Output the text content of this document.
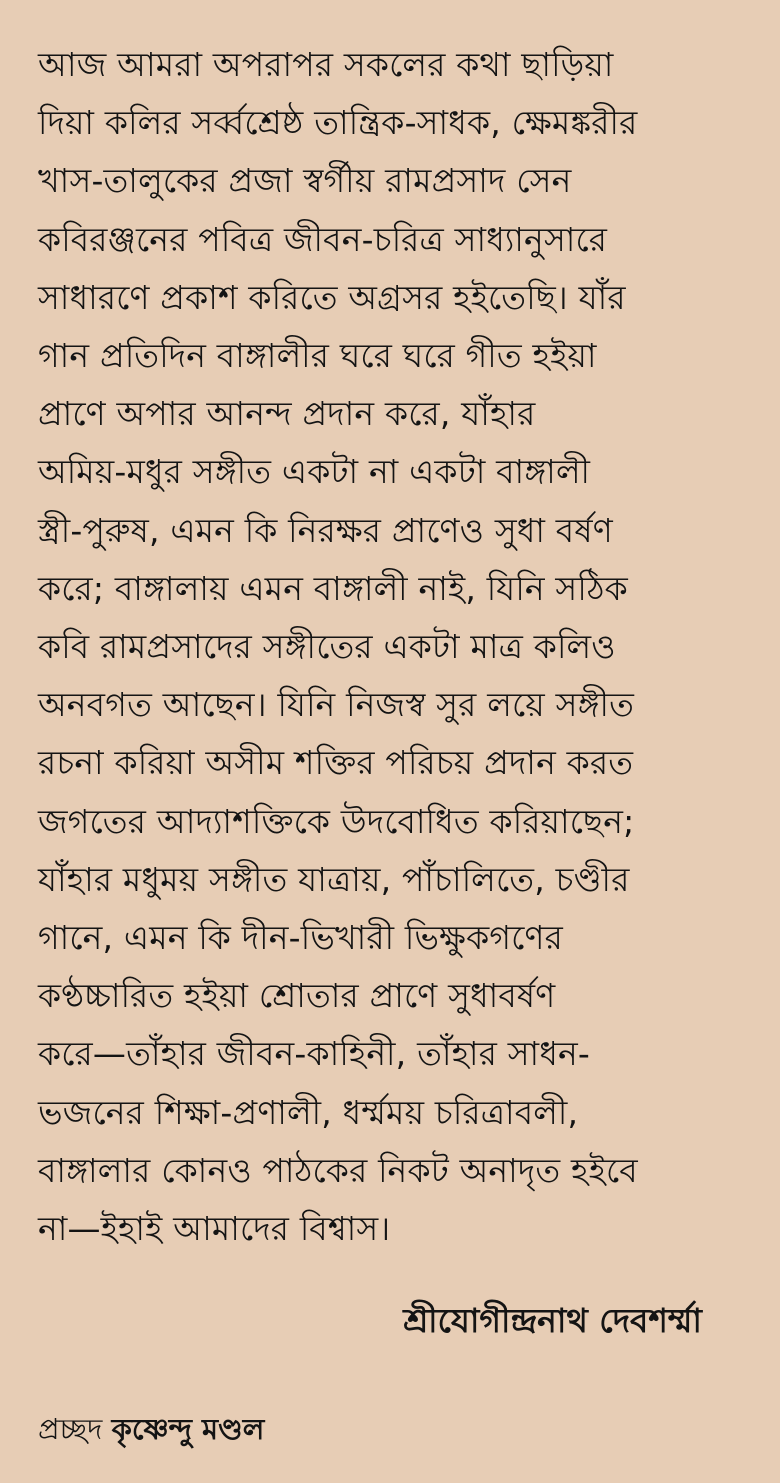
আজ আমরা অপরাপর সকলের কথা ছাড়িয়া
দিয়া কলির সর্ব্বশ্রেষ্ঠ তান্ত্রিক-সাধক, ক্ষেমঙ্করীর
খাস-তালুকের প্রজা স্বর্গীয় রামপ্রসাদ সেন
কবিরঞ্জনের পবিত্র জীবন-চরিত্র সাধ্যানুসারে
সাধারণে প্রকাশ করিতে অগ্রসর হইতেছি। যাঁর
গান প্রতিদিন বাঙ্গালীর ঘরে ঘরে গীত হইয়া
প্রাণে অপার আনন্দ প্রদান করে, যাঁহার
অমিয়-মধুর সঙ্গীত একটা না একটা বাঙ্গালী
স্ত্রী-পুরুষ, এমন কি নিরক্ষর প্রাণেও সুধা বর্ষণ
করে; বাঙ্গালায় এমন বাঙ্গালী নাই, যিনি সঠিক
কবি রামপ্রসাদের সঙ্গীতের একটা মাত্র কলিও
অনবগত আছেন। যিনি নিজস্ব সুর লয়ে সঙ্গীত
রচনা করিয়া অসীম শক্তির পরিচয় প্রদান করত
জগতের আদ্যাশক্তিকে উদবোধিত করিয়াছেন;
যাঁহার মধুময় সঙ্গীত যাত্রায়, পাঁচালিতে, চণ্ডীর
গানে, এমন কি দীন-ভিখারী ভিক্ষুকগণের
কণ্ঠচ্চারিত হইয়া শ্রোতার প্রাণে সুধাবর্ষণ
করে—তাঁহার জীবন-কাহিনী, তাঁহার সাধন-
ভজনের শিক্ষা-প্রণালী, ধর্ম্মময় চরিত্রাবলী,
বাঙ্গালার কোনও পাঠকের নিকট অনাদৃত হইবে
না—ইহাই আমাদের বিশ্বাস।
শ্রীযোগীন্দ্রনাথ দেবশর্ম্মা
প্রচ্ছদ কৃষ্ণেন্দু মণ্ডল
